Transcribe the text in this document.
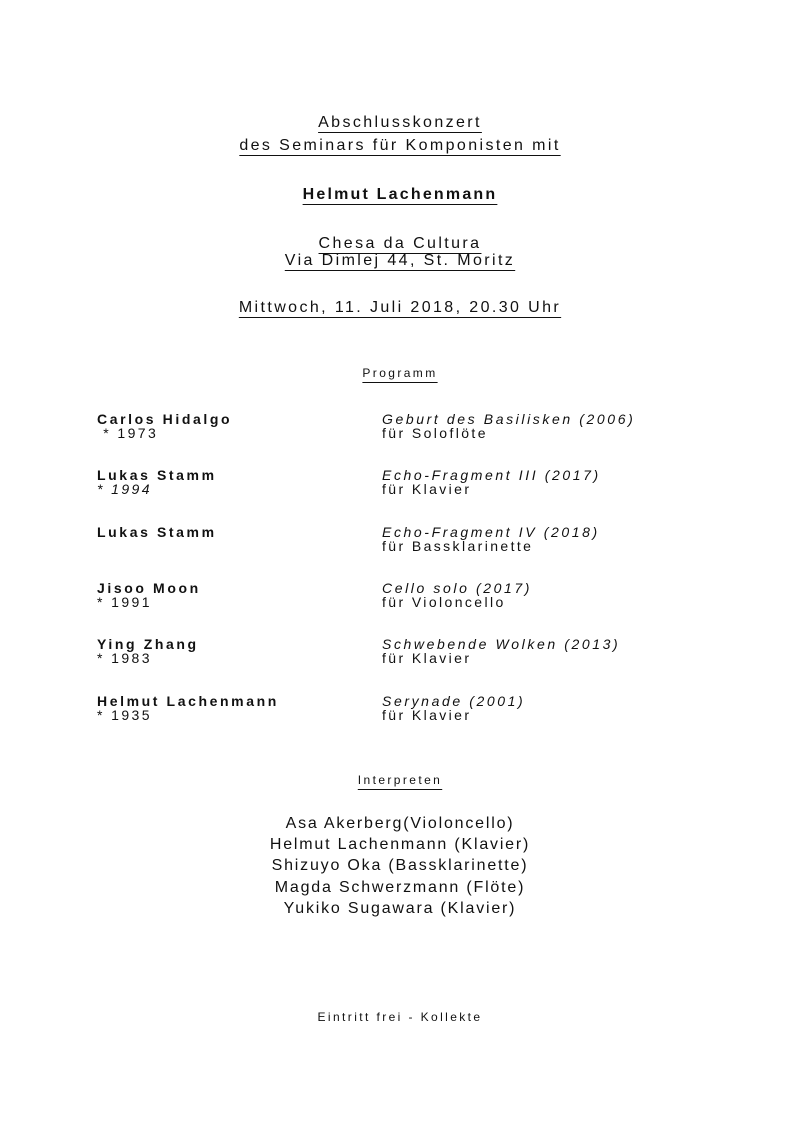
Abschlusskonzert
des Seminars für Komponisten mit
Helmut Lachenmann
Chesa da Cultura
Via Dimlej 44, St. Moritz
Mittwoch, 11. Juli 2018, 20.30 Uhr
Programm
Carlos Hidalgo
* 1973
Geburt des Basilisken (2006)
für Soloflöte
Lukas Stamm
* 1994
Echo-Fragment III (2017)
für Klavier
Lukas Stamm	Echo-Fragment IV (2018)
für Bassklarinette
Jisoo Moon
* 1991
Cello solo (2017)
für Violoncello
Ying Zhang
* 1983
Schwebende Wolken (2013)
für Klavier
Helmut Lachenmann
* 1935
Serynade (2001)
für Klavier
Interpreten
Asa Akerberg(Violoncello)
Helmut Lachenmann (Klavier)
Shizuyo Oka (Bassklarinette)
Magda Schwerzmann (Flöte)
Yukiko Sugawara (Klavier)
Eintritt frei - Kollekte
